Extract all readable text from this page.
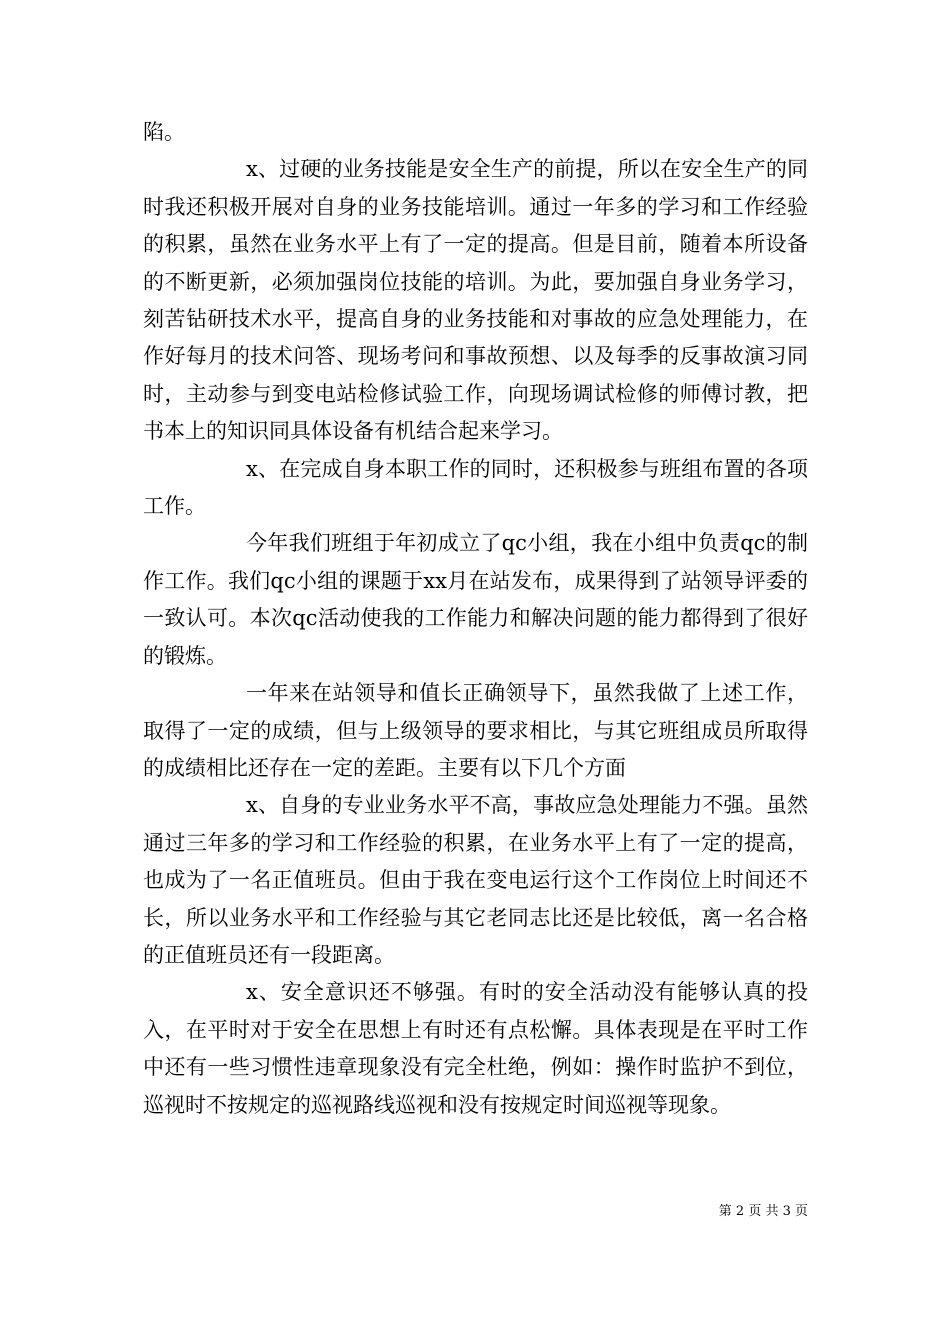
陷。

x、过硬的业务技能是安全生产的前提，所以在安全生产的同时我还积极开展对自身的业务技能培训。通过一年多的学习和工作经验的积累，虽然在业务水平上有了一定的提高。但是目前，随着本所设备的不断更新，必须加强岗位技能的培训。为此，要加强自身业务学习，刻苦钻研技术水平，提高自身的业务技能和对事故的应急处理能力，在作好每月的技术问答、现场考问和事故预想、以及每季的反事故演习同时，主动参与到变电站检修试验工作，向现场调试检修的师傅讨教，把书本上的知识同具体设备有机结合起来学习。

x、在完成自身本职工作的同时，还积极参与班组布置的各项工作。

今年我们班组于年初成立了qc小组，我在小组中负责qc的制作工作。我们qc小组的课题于xx月在站发布，成果得到了站领导评委的一致认可。本次qc活动使我的工作能力和解决问题的能力都得到了很好的锻炼。

一年来在站领导和值长正确领导下，虽然我做了上述工作，取得了一定的成绩，但与上级领导的要求相比，与其它班组成员所取得的成绩相比还存在一定的差距。主要有以下几个方面

x、自身的专业业务水平不高，事故应急处理能力不强。虽然通过三年多的学习和工作经验的积累，在业务水平上有了一定的提高，也成为了一名正值班员。但由于我在变电运行这个工作岗位上时间还不长，所以业务水平和工作经验与其它老同志比还是比较低，离一名合格的正值班员还有一段距离。

x、安全意识还不够强。有时的安全活动没有能够认真的投入，在平时对于安全在思想上有时还有点松懈。具体表现是在平时工作中还有一些习惯性违章现象没有完全杜绝，例如：操作时监护不到位，巡视时不按规定的巡视路线巡视和没有按规定时间巡视等现象。

第 2 页 共 3 页
